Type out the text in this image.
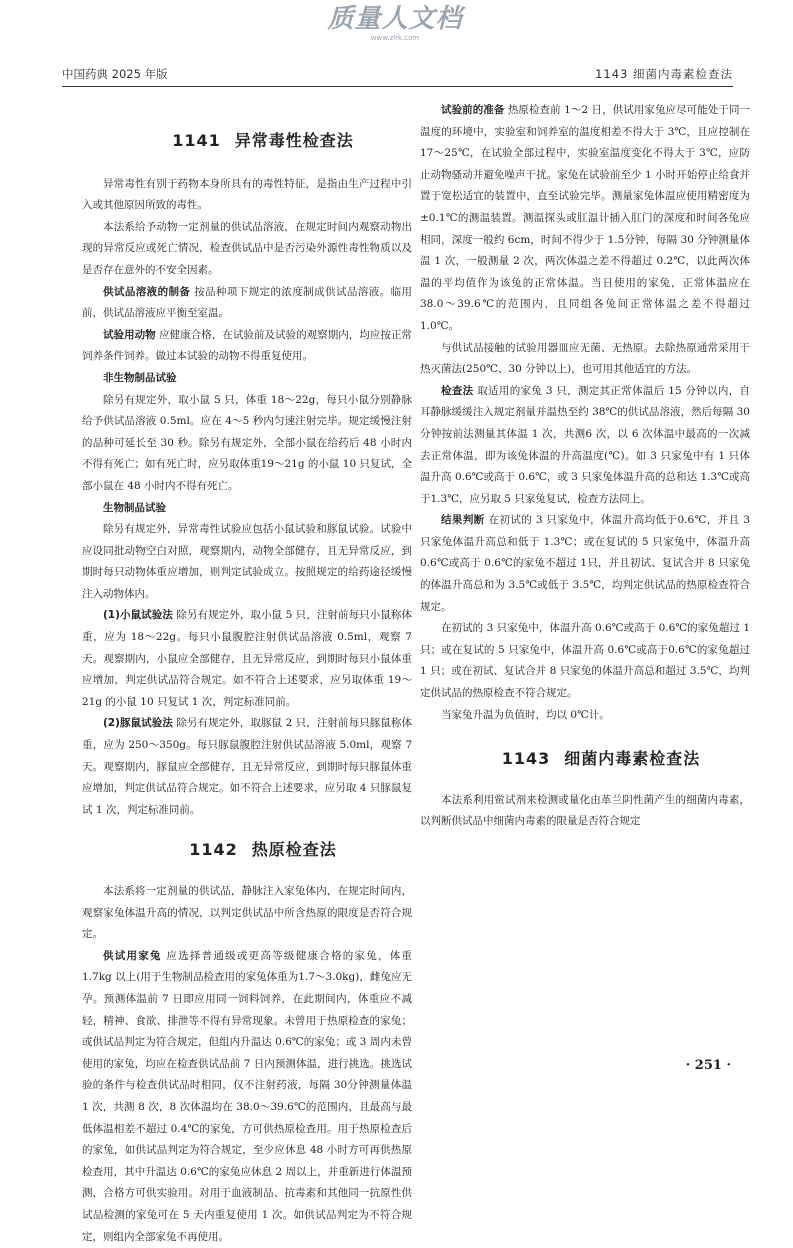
质量人文档
www.zlrk.com
中国药典 2025 年版	1143 细菌内毒素检查法

1141 异常毒性检查法

异常毒性有别于药物本身所具有的毒性特征，是指由生产过程中引入或其他原因所致的毒性。

本法系给予动物一定剂量的供试品溶液，在规定时间内观察动物出现的异常反应或死亡情况，检查供试品中是否污染外源性毒性物质以及是否存在意外的不安全因素。

供试品溶液的制备 按品种项下规定的浓度制成供试品溶液。临用前，供试品溶液应平衡至室温。

试验用动物 应健康合格，在试验前及试验的观察期内，均应按正常饲养条件饲养。做过本试验的动物不得重复使用。

非生物制品试验

除另有规定外，取小鼠 5 只，体重 18～22g，每只小鼠分别静脉给予供试品溶液 0.5ml。应在 4～5 秒内匀速注射完毕。规定缓慢注射的品种可延长至 30 秒。除另有规定外，全部小鼠在给药后 48 小时内不得有死亡；如有死亡时，应另取体重19～21g 的小鼠 10 只复试，全部小鼠在 48 小时内不得有死亡。

生物制品试验

除另有规定外，异常毒性试验应包括小鼠试验和豚鼠试验。试验中应设同批动物空白对照，观察期内，动物全部健存，且无异常反应，到期时每只动物体重应增加，则判定试验成立。按照规定的给药途径缓慢注入动物体内。

(1)小鼠试验法 除另有规定外，取小鼠 5 只，注射前每只小鼠称体重，应为 18～22g。每只小鼠腹腔注射供试品溶液 0.5ml，观察 7 天。观察期内，小鼠应全部健存，且无异常反应，到期时每只小鼠体重应增加，判定供试品符合规定。如不符合上述要求，应另取体重 19～21g 的小鼠 10 只复试 1 次，判定标准同前。

(2)豚鼠试验法 除另有规定外，取豚鼠 2 只，注射前每只豚鼠称体重，应为 250～350g。每只豚鼠腹腔注射供试品溶液 5.0ml，观察 7 天。观察期内，豚鼠应全部健存，且无异常反应，到期时每只豚鼠体重应增加，判定供试品符合规定。如不符合上述要求，应另取 4 只豚鼠复试 1 次，判定标准同前。

1142 热原检查法

本法系将一定剂量的供试品，静脉注入家兔体内，在规定时间内，观察家兔体温升高的情况，以判定供试品中所含热原的限度是否符合规定。

供试用家兔 应选择普通级或更高等级健康合格的家兔，体重 1.7kg 以上(用于生物制品检查用的家兔体重为1.7～3.0kg)，雌兔应无孕。预测体温前 7 日即应用同一饲料饲养，在此期间内，体重应不减轻，精神、食欲、排泄等不得有异常现象。未曾用于热原检查的家兔；或供试品判定为符合规定，但组内升温达 0.6℃的家兔；或 3 周内未曾使用的家兔，均应在检查供试品前 7 日内预测体温，进行挑选。挑选试验的条件与检查供试品时相同，仅不注射药液，每隔 30分钟测量体温 1 次，共测 8 次，8 次体温均在 38.0～39.6℃的范围内，且最高与最低体温相差不超过 0.4℃的家兔，方可供热原检查用。用于热原检查后的家兔，如供试品判定为符合规定，至少应休息 48 小时方可再供热原检查用，其中升温达 0.6℃的家兔应休息 2 周以上，并重新进行体温预测，合格方可供实验用。对用于血液制品、抗毒素和其他同一抗原性供试品检测的家兔可在 5 天内重复使用 1 次。如供试品判定为不符合规定，则组内全部家兔不再使用。

试验前的准备 热原检查前 1～2 日，供试用家兔应尽可能处于同一温度的环境中，实验室和饲养室的温度相差不得大于 3℃，且应控制在 17～25℃，在试验全部过程中，实验室温度变化不得大于 3℃，应防止动物骚动并避免噪声干扰。家兔在试验前至少 1 小时开始停止给食并置于宽松适宜的装置中，直至试验完毕。测量家兔体温应使用精密度为±0.1℃的测温装置。测温探头或肛温计插入肛门的深度和时间各兔应相同，深度一般约 6cm，时间不得少于 1.5分钟，每隔 30 分钟测量体温 1 次，一般测量 2 次，两次体温之差不得超过 0.2℃，以此两次体温的平均值作为该兔的正常体温。当日使用的家兔，正常体温应在 38.0～39.6℃的范围内，且同组各兔间正常体温之差不得超过 1.0℃。

与供试品接触的试验用器皿应无菌、无热原。去除热原通常采用干热灭菌法(250℃、30 分钟以上)，也可用其他适宜的方法。

检查法 取适用的家兔 3 只，测定其正常体温后 15 分钟以内，自耳静脉缓缓注入规定剂量并温热至约 38℃的供试品溶液，然后每隔 30 分钟按前法测量其体温 1 次，共测6 次，以 6 次体温中最高的一次减去正常体温，即为该兔体温的升高温度(℃)。如 3 只家兔中有 1 只体温升高 0.6℃或高于 0.6℃，或 3 只家兔体温升高的总和达 1.3℃或高于1.3℃，应另取 5 只家兔复试，检查方法同上。

结果判断 在初试的 3 只家兔中，体温升高均低于0.6℃，并且 3 只家兔体温升高总和低于 1.3℃；或在复试的 5 只家兔中，体温升高 0.6℃或高于 0.6℃的家兔不超过 1只，并且初试、复试合并 8 只家兔的体温升高总和为 3.5℃或低于 3.5℃，均判定供试品的热原检查符合规定。

在初试的 3 只家兔中，体温升高 0.6℃或高于 0.6℃的家兔超过 1 只；或在复试的 5 只家兔中，体温升高 0.6℃或高于0.6℃的家兔超过 1 只；或在初试、复试合并 8 只家兔的体温升高总和超过 3.5℃，均判定供试品的热原检查不符合规定。

当家兔升温为负值时，均以 0℃计。

1143 细菌内毒素检查法

本法系利用鲎试剂来检测或量化由革兰阴性菌产生的细菌内毒素，以判断供试品中细菌内毒素的限量是否符合规定

· 251 ·
